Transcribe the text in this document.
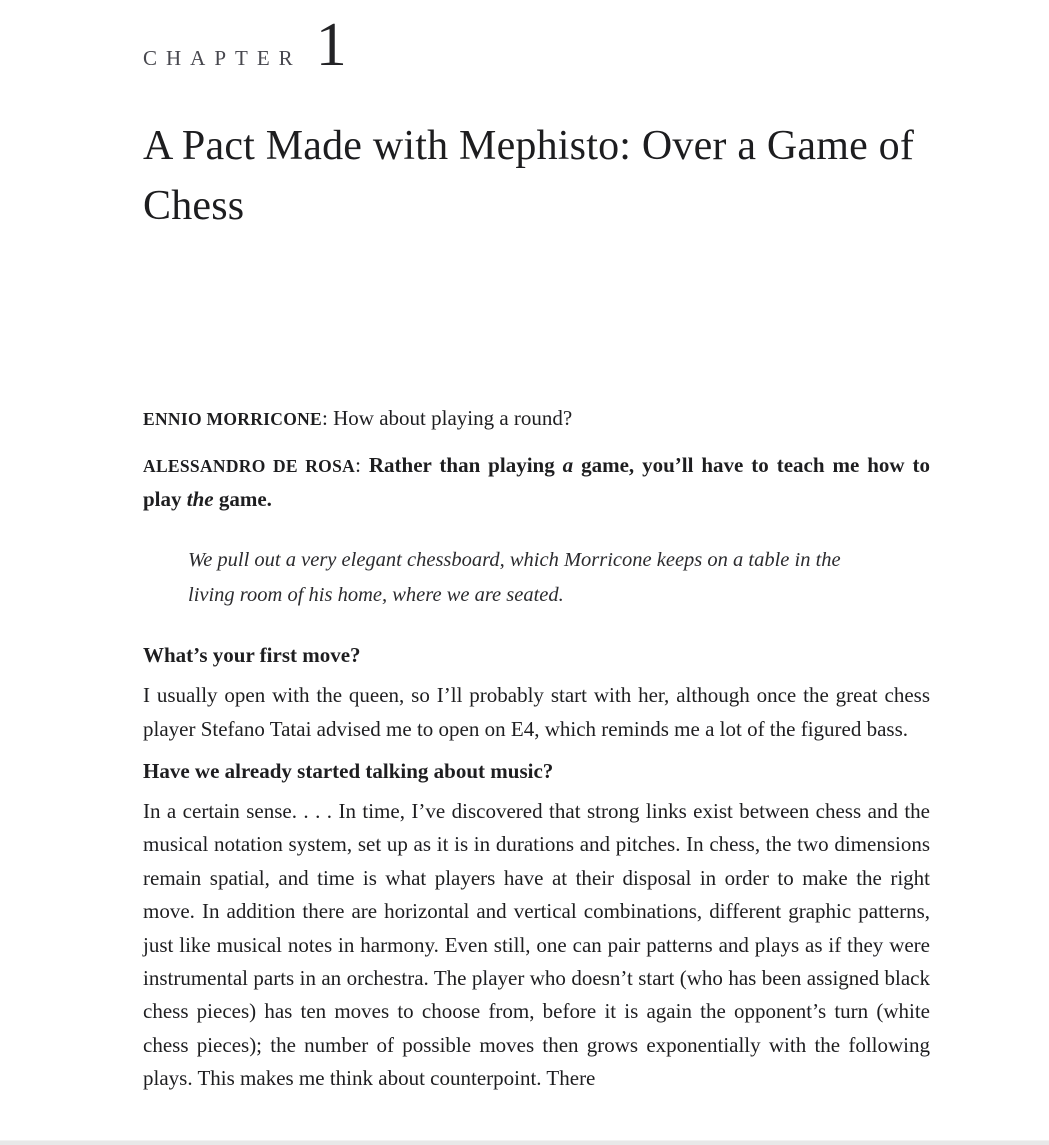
CHAPTER 1
A Pact Made with Mephisto: Over a Game of Chess

ENNIO MORRICONE: How about playing a round?

ALESSANDRO DE ROSA: Rather than playing a game, you’ll have to teach me how to play the game.

We pull out a very elegant chessboard, which Morricone keeps on a table in the living room of his home, where we are seated.

What’s your first move?

I usually open with the queen, so I’ll probably start with her, although once the great chess player Stefano Tatai advised me to open on E4, which reminds me a lot of the figured bass.

Have we already started talking about music?

In a certain sense. . . . In time, I’ve discovered that strong links exist between chess and the musical notation system, set up as it is in durations and pitches. In chess, the two dimensions remain spatial, and time is what players have at their disposal in order to make the right move. In addition there are horizontal and vertical combinations, different graphic patterns, just like musical notes in harmony. Even still, one can pair patterns and plays as if they were instrumental parts in an orchestra. The player who doesn’t start (who has been assigned black chess pieces) has ten moves to choose from, before it is again the opponent’s turn (white chess pieces); the number of possible moves then grows exponentially with the following plays. This makes me think about counterpoint. There
